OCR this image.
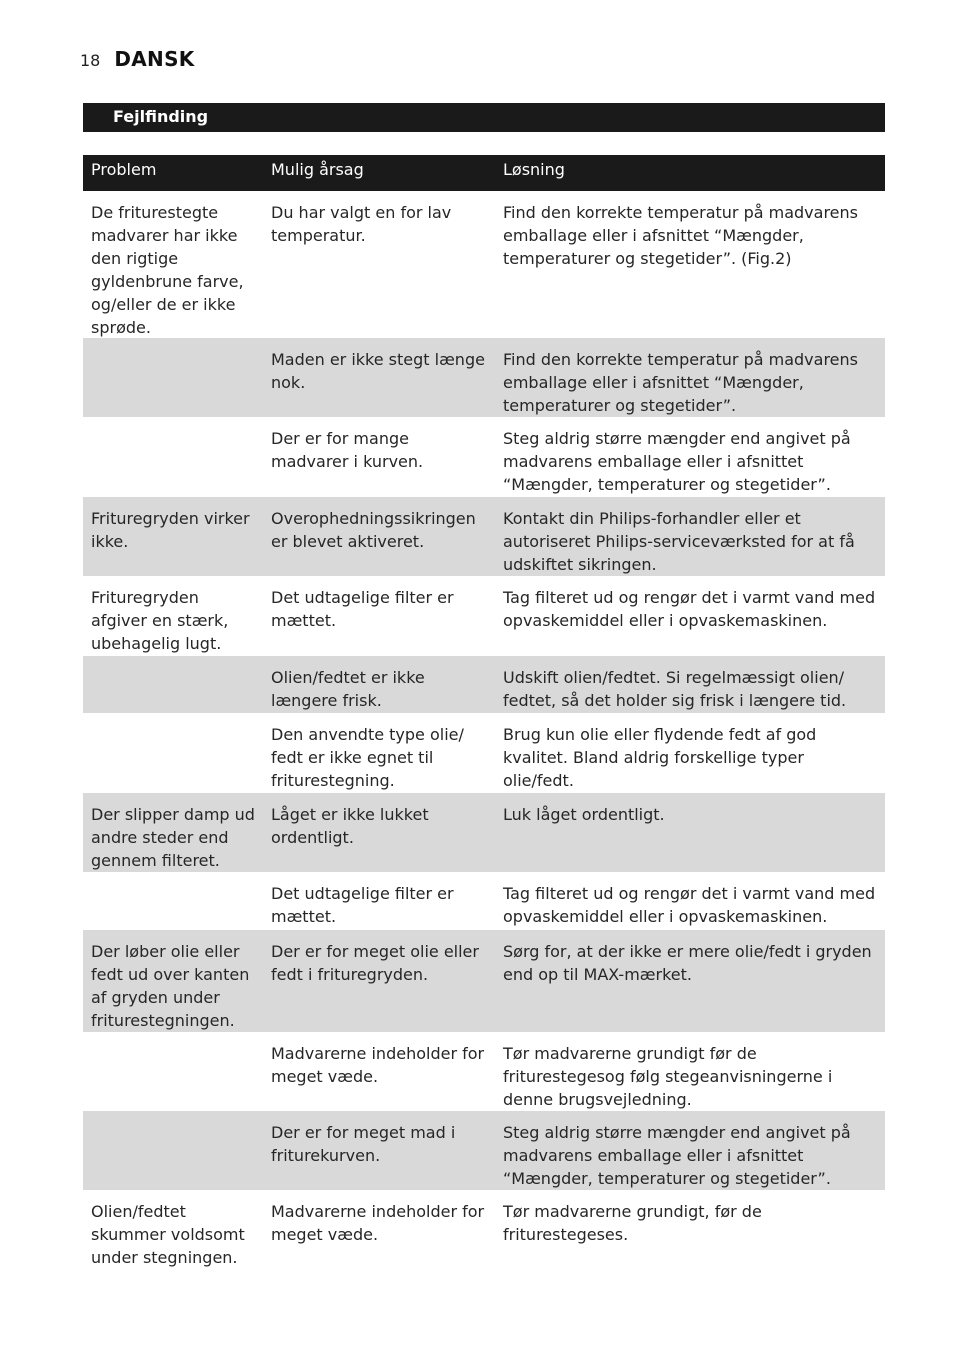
18 DANSK
Fejlfinding
Problem	Mulig årsag	Løsning
De friturestegte madvarer har ikke den rigtige gyldenbrune farve, og/eller de er ikke sprøde.
Du har valgt en for lav temperatur.
Find den korrekte temperatur på madvarens emballage eller i afsnittet “Mængder, temperaturer og stegetider”. (Fig.2)
Maden er ikke stegt længe nok.
Find den korrekte temperatur på madvarens emballage eller i afsnittet “Mængder, temperaturer og stegetider”.
Der er for mange madvarer i kurven.
Steg aldrig større mængder end angivet på madvarens emballage eller i afsnittet “Mængder, temperaturer og stegetider”.
Frituregryden virker ikke.
Overophedningssikringen er blevet aktiveret.
Kontakt din Philips-forhandler eller et autoriseret Philips-serviceværksted for at få udskiftet sikringen.
Frituregryden afgiver en stærk, ubehagelig lugt.
Det udtagelige filter er mættet.
Tag filteret ud og rengør det i varmt vand med opvaskemiddel eller i opvaskemaskinen.
Olien/fedtet er ikke længere frisk.
Udskift olien/fedtet. Si regelmæssigt olien/ fedtet, så det holder sig frisk i længere tid.
Den anvendte type olie/ fedt er ikke egnet til friturestegning.
Brug kun olie eller flydende fedt af god kvalitet. Bland aldrig forskellige typer olie/fedt.
Der slipper damp ud andre steder end gennem filteret.
Låget er ikke lukket ordentligt.
Luk låget ordentligt.
Det udtagelige filter er mættet.
Tag filteret ud og rengør det i varmt vand med opvaskemiddel eller i opvaskemaskinen.
Der løber olie eller fedt ud over kanten af gryden under friturestegningen.
Der er for meget olie eller fedt i frituregryden.
Sørg for, at der ikke er mere olie/fedt i gryden end op til MAX-mærket.
Madvarerne indeholder for meget væde.
Tør madvarerne grundigt før de friturestegesog følg stegeanvisningerne i denne brugsvejledning.
Der er for meget mad i friturekurven.
Steg aldrig større mængder end angivet på madvarens emballage eller i afsnittet “Mængder, temperaturer og stegetider”.
Olien/fedtet skummer voldsomt under stegningen.
Madvarerne indeholder for meget væde.
Tør madvarerne grundigt, før de friturestegeses.
